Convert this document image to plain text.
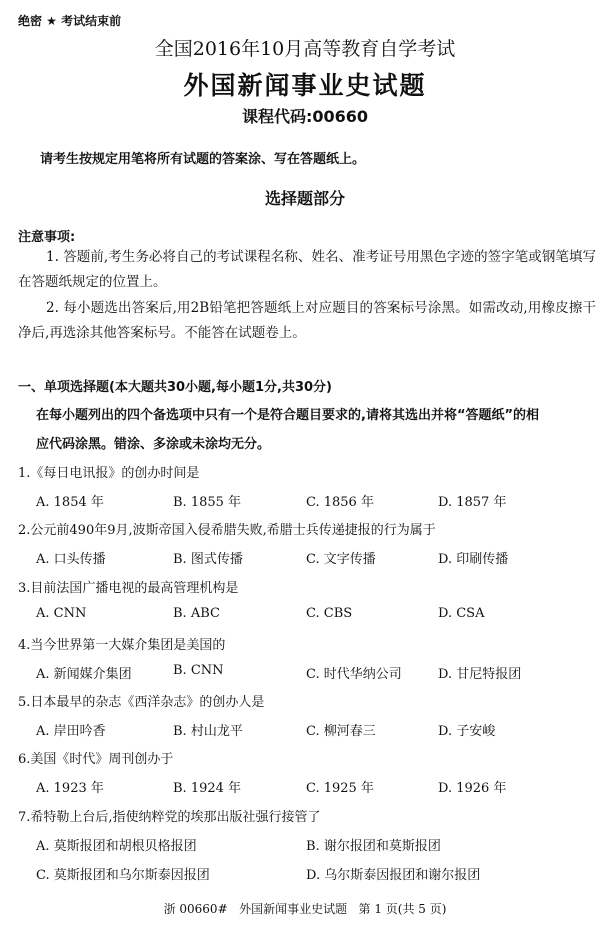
绝密 ★ 考试结束前
全国2016年10月高等教育自学考试
外国新闻事业史试题
课程代码:00660
请考生按规定用笔将所有试题的答案涂、写在答题纸上。
选择题部分
注意事项:
1. 答题前,考生务必将自己的考试课程名称、姓名、准考证号用黑色字迹的签字笔或钢笔填写在答题纸规定的位置上。
2. 每小题选出答案后,用2B铅笔把答题纸上对应题目的答案标号涂黑。如需改动,用橡皮擦干净后,再选涂其他答案标号。不能答在试题卷上。
一、单项选择题(本大题共30小题,每小题1分,共30分)
在每小题列出的四个备选项中只有一个是符合题目要求的,请将其选出并将“答题纸”的相
应代码涂黑。错涂、多涂或未涂均无分。
1.《每日电讯报》的创办时间是
A. 1854 年	B. 1855 年	C. 1856 年	D. 1857 年
2.公元前490年9月,波斯帝国入侵希腊失败,希腊士兵传递捷报的行为属于
A. 口头传播	B. 图式传播	C. 文字传播	D. 印刷传播
3.目前法国广播电视的最高管理机构是
A. CNN	B. ABC	C. CBS	D. CSA
4.当今世界第一大媒介集团是美国的
A. 新闻媒介集团	B. CNN	C. 时代华纳公司	D. 甘尼特报团
5.日本最早的杂志《西洋杂志》的创办人是
A. 岸田吟香	B. 村山龙平	C. 柳河春三	D. 子安峻
6.美国《时代》周刊创办于
A. 1923 年	B. 1924 年	C. 1925 年	D. 1926 年
7.希特勒上台后,指使纳粹党的埃那出版社强行接管了
A. 莫斯报团和胡根贝格报团	B. 谢尔报团和莫斯报团
C. 莫斯报团和乌尔斯泰因报团	D. 乌尔斯泰因报团和谢尔报团
浙 00660#   外国新闻事业史试题   第 1 页(共 5 页)
